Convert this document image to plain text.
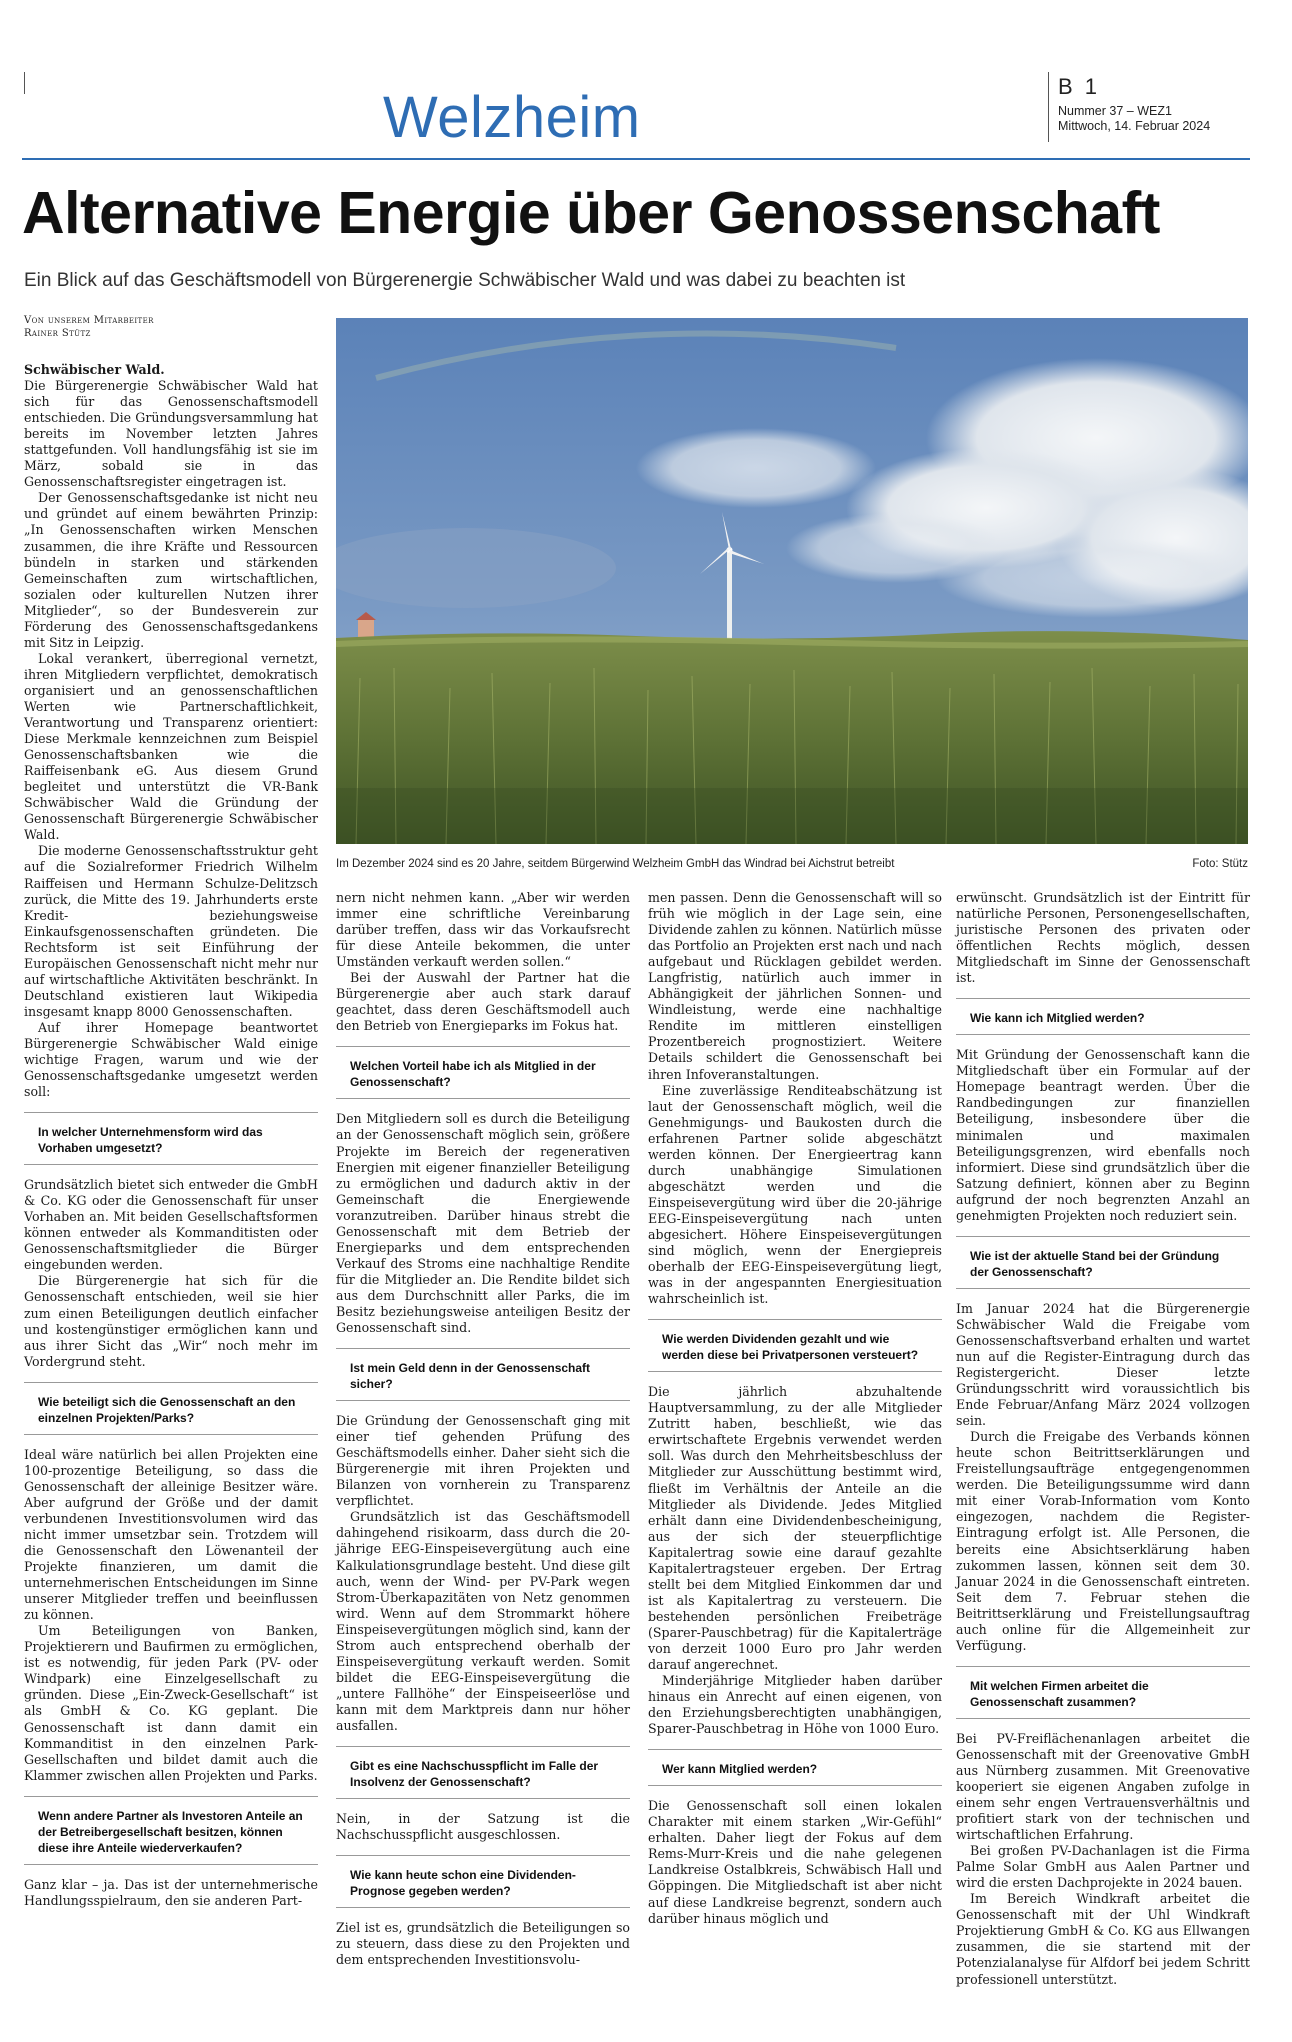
Welzheim	B 1
Nummer 37 – WEZ1
Mittwoch, 14. Februar 2024
Alternative Energie über Genossenschaft
Ein Blick auf das Geschäftsmodell von Bürgerenergie Schwäbischer Wald und was dabei zu beachten ist
Von unserem Mitarbeiter
Rainer Stütz
Im Dezember 2024 sind es 20 Jahre, seitdem Bürgerwind Welzheim GmbH das Windrad bei Aichstrut betreibt	Foto: Stütz

Schwäbischer Wald.

Die Bürgerenergie Schwäbischer Wald hat sich für das Genossenschaftsmodell entschieden. Die Gründungsversammlung hat bereits im November letzten Jahres stattgefunden. Voll handlungsfähig ist sie im März, sobald sie in das Genossenschaftsregister eingetragen ist.

Der Genossenschaftsgedanke ist nicht neu und gründet auf einem bewährten Prinzip: „In Genossenschaften wirken Menschen zusammen, die ihre Kräfte und Ressourcen bündeln in starken und stärkenden Gemeinschaften zum wirtschaftlichen, sozialen oder kulturellen Nutzen ihrer Mitglieder“, so der Bundesverein zur Förderung des Genossenschaftsgedankens mit Sitz in Leipzig.

Lokal verankert, überregional vernetzt, ihren Mitgliedern verpflichtet, demokratisch organisiert und an genossenschaftlichen Werten wie Partnerschaftlichkeit, Verantwortung und Transparenz orientiert: Diese Merkmale kennzeichnen zum Beispiel Genossenschaftsbanken wie die Raiffeisenbank eG. Aus diesem Grund begleitet und unterstützt die VR-Bank Schwäbischer Wald die Gründung der Genossenschaft Bürgerenergie Schwäbischer Wald.

Die moderne Genossenschaftsstruktur geht auf die Sozialreformer Friedrich Wilhelm Raiffeisen und Hermann Schulze-Delitzsch zurück, die Mitte des 19. Jahrhunderts erste Kredit- beziehungsweise Einkaufsgenossenschaften gründeten. Die Rechtsform ist seit Einführung der Europäischen Genossenschaft nicht mehr nur auf wirtschaftliche Aktivitäten beschränkt. In Deutschland existieren laut Wikipedia insgesamt knapp 8000 Genossenschaften.

Auf ihrer Homepage beantwortet Bürgerenergie Schwäbischer Wald einige wichtige Fragen, warum und wie der Genossenschaftsgedanke umgesetzt werden soll:

In welcher Unternehmensform wird das Vorhaben umgesetzt?

Grundsätzlich bietet sich entweder die GmbH & Co. KG oder die Genossenschaft für unser Vorhaben an. Mit beiden Gesellschaftsformen können entweder als Kommanditisten oder Genossenschaftsmitglieder die Bürger eingebunden werden.

Die Bürgerenergie hat sich für die Genossenschaft entschieden, weil sie hier zum einen Beteiligungen deutlich einfacher und kostengünstiger ermöglichen kann und aus ihrer Sicht das „Wir“ noch mehr im Vordergrund steht.

Wie beteiligt sich die Genossenschaft an den einzelnen Projekten/Parks?

Ideal wäre natürlich bei allen Projekten eine 100-prozentige Beteiligung, so dass die Genossenschaft der alleinige Besitzer wäre. Aber aufgrund der Größe und der damit verbundenen Investitionsvolumen wird das nicht immer umsetzbar sein. Trotzdem will die Genossenschaft den Löwenanteil der Projekte finanzieren, um damit die unternehmerischen Entscheidungen im Sinne unserer Mitglieder treffen und beeinflussen zu können.

Um Beteiligungen von Banken, Projektierern und Baufirmen zu ermöglichen, ist es notwendig, für jeden Park (PV- oder Windpark) eine Einzelgesellschaft zu gründen. Diese „Ein-Zweck-Gesellschaft“ ist als GmbH & Co. KG geplant. Die Genossenschaft ist dann damit ein Kommanditist in den einzelnen Park-Gesellschaften und bildet damit auch die Klammer zwischen allen Projekten und Parks.

Wenn andere Partner als Investoren Anteile an der Betreibergesellschaft besitzen, können diese ihre Anteile wiederverkaufen?

Ganz klar – ja. Das ist der unternehmerische Handlungsspielraum, den sie anderen Part-

nern nicht nehmen kann. „Aber wir werden immer eine schriftliche Vereinbarung darüber treffen, dass wir das Vorkaufsrecht für diese Anteile bekommen, die unter Umständen verkauft werden sollen.“

Bei der Auswahl der Partner hat die Bürgerenergie aber auch stark darauf geachtet, dass deren Geschäftsmodell auch den Betrieb von Energieparks im Fokus hat.

Welchen Vorteil habe ich als Mitglied in der Genossenschaft?

Den Mitgliedern soll es durch die Beteiligung an der Genossenschaft möglich sein, größere Projekte im Bereich der regenerativen Energien mit eigener finanzieller Beteiligung zu ermöglichen und dadurch aktiv in der Gemeinschaft die Energiewende voranzutreiben. Darüber hinaus strebt die Genossenschaft mit dem Betrieb der Energieparks und dem entsprechenden Verkauf des Stroms eine nachhaltige Rendite für die Mitglieder an. Die Rendite bildet sich aus dem Durchschnitt aller Parks, die im Besitz beziehungsweise anteiligen Besitz der Genossenschaft sind.

Ist mein Geld denn in der Genossenschaft sicher?

Die Gründung der Genossenschaft ging mit einer tief gehenden Prüfung des Geschäftsmodells einher. Daher sieht sich die Bürgerenergie mit ihren Projekten und Bilanzen von vornherein zu Transparenz verpflichtet.

Grundsätzlich ist das Geschäftsmodell dahingehend risikoarm, dass durch die 20-jährige EEG-Einspeisevergütung auch eine Kalkulationsgrundlage besteht. Und diese gilt auch, wenn der Wind- per PV-Park wegen Strom-Überkapazitäten von Netz genommen wird. Wenn auf dem Strommarkt höhere Einspeisevergütungen möglich sind, kann der Strom auch entsprechend oberhalb der Einspeisevergütung verkauft werden. Somit bildet die EEG-Einspeisevergütung die „untere Fallhöhe“ der Einspeiseerlöse und kann mit dem Marktpreis dann nur höher ausfallen.

Gibt es eine Nachschusspflicht im Falle der Insolvenz der Genossenschaft?

Nein, in der Satzung ist die Nachschusspflicht ausgeschlossen.

Wie kann heute schon eine Dividenden-Prognose gegeben werden?

Ziel ist es, grundsätzlich die Beteiligungen so zu steuern, dass diese zu den Projekten und dem entsprechenden Investitionsvolu-

men passen. Denn die Genossenschaft will so früh wie möglich in der Lage sein, eine Dividende zahlen zu können. Natürlich müsse das Portfolio an Projekten erst nach und nach aufgebaut und Rücklagen gebildet werden. Langfristig, natürlich auch immer in Abhängigkeit der jährlichen Sonnen- und Windleistung, werde eine nachhaltige Rendite im mittleren einstelligen Prozentbereich prognostiziert. Weitere Details schildert die Genossenschaft bei ihren Infoveranstaltungen.

Eine zuverlässige Renditeabschätzung ist laut der Genossenschaft möglich, weil die Genehmigungs- und Baukosten durch die erfahrenen Partner solide abgeschätzt werden können. Der Energieertrag kann durch unabhängige Simulationen abgeschätzt werden und die Einspeisevergütung wird über die 20-jährige EEG-Einspeisevergütung nach unten abgesichert. Höhere Einspeisevergütungen sind möglich, wenn der Energiepreis oberhalb der EEG-Einspeisevergütung liegt, was in der angespannten Energiesituation wahrscheinlich ist.

Wie werden Dividenden gezahlt und wie werden diese bei Privatpersonen versteuert?

Die jährlich abzuhaltende Hauptversammlung, zu der alle Mitglieder Zutritt haben, beschließt, wie das erwirtschaftete Ergebnis verwendet werden soll. Was durch den Mehrheitsbeschluss der Mitglieder zur Ausschüttung bestimmt wird, fließt im Verhältnis der Anteile an die Mitglieder als Dividende. Jedes Mitglied erhält dann eine Dividendenbescheinigung, aus der sich der steuerpflichtige Kapitalertrag sowie eine darauf gezahlte Kapitalertragsteuer ergeben. Der Ertrag stellt bei dem Mitglied Einkommen dar und ist als Kapitalertrag zu versteuern. Die bestehenden persönlichen Freibeträge (Sparer-Pauschbetrag) für die Kapitalerträge von derzeit 1000 Euro pro Jahr werden darauf angerechnet.

Minderjährige Mitglieder haben darüber hinaus ein Anrecht auf einen eigenen, von den Erziehungsberechtigten unabhängigen, Sparer-Pauschbetrag in Höhe von 1000 Euro.

Wer kann Mitglied werden?

Die Genossenschaft soll einen lokalen Charakter mit einem starken „Wir-Gefühl“ erhalten. Daher liegt der Fokus auf dem Rems-Murr-Kreis und die nahe gelegenen Landkreise Ostalbkreis, Schwäbisch Hall und Göppingen. Die Mitgliedschaft ist aber nicht auf diese Landkreise begrenzt, sondern auch darüber hinaus möglich und

erwünscht. Grundsätzlich ist der Eintritt für natürliche Personen, Personengesellschaften, juristische Personen des privaten oder öffentlichen Rechts möglich, dessen Mitgliedschaft im Sinne der Genossenschaft ist.

Wie kann ich Mitglied werden?

Mit Gründung der Genossenschaft kann die Mitgliedschaft über ein Formular auf der Homepage beantragt werden. Über die Randbedingungen zur finanziellen Beteiligung, insbesondere über die minimalen und maximalen Beteiligungsgrenzen, wird ebenfalls noch informiert. Diese sind grundsätzlich über die Satzung definiert, können aber zu Beginn aufgrund der noch begrenzten Anzahl an genehmigten Projekten noch reduziert sein.

Wie ist der aktuelle Stand bei der Gründung der Genossenschaft?

Im Januar 2024 hat die Bürgerenergie Schwäbischer Wald die Freigabe vom Genossenschaftsverband erhalten und wartet nun auf die Register-Eintragung durch das Registergericht. Dieser letzte Gründungsschritt wird voraussichtlich bis Ende Februar/Anfang März 2024 vollzogen sein.

Durch die Freigabe des Verbands können heute schon Beitrittserklärungen und Freistellungsaufträge entgegengenommen werden. Die Beteiligungssumme wird dann mit einer Vorab-Information vom Konto eingezogen, nachdem die Register-Eintragung erfolgt ist. Alle Personen, die bereits eine Absichtserklärung haben zukommen lassen, können seit dem 30. Januar 2024 in die Genossenschaft eintreten. Seit dem 7. Februar stehen die Beitrittserklärung und Freistellungsauftrag auch online für die Allgemeinheit zur Verfügung.

Mit welchen Firmen arbeitet die Genossenschaft zusammen?

Bei PV-Freiflächenanlagen arbeitet die Genossenschaft mit der Greenovative GmbH aus Nürnberg zusammen. Mit Greenovative kooperiert sie eigenen Angaben zufolge in einem sehr engen Vertrauensverhältnis und profitiert stark von der technischen und wirtschaftlichen Erfahrung.

Bei großen PV-Dachanlagen ist die Firma Palme Solar GmbH aus Aalen Partner und wird die ersten Dachprojekte in 2024 bauen.

Im Bereich Windkraft arbeitet die Genossenschaft mit der Uhl Windkraft Projektierung GmbH & Co. KG aus Ellwangen zusammen, die sie startend mit der Potenzialanalyse für Alfdorf bei jedem Schritt professionell unterstützt.
